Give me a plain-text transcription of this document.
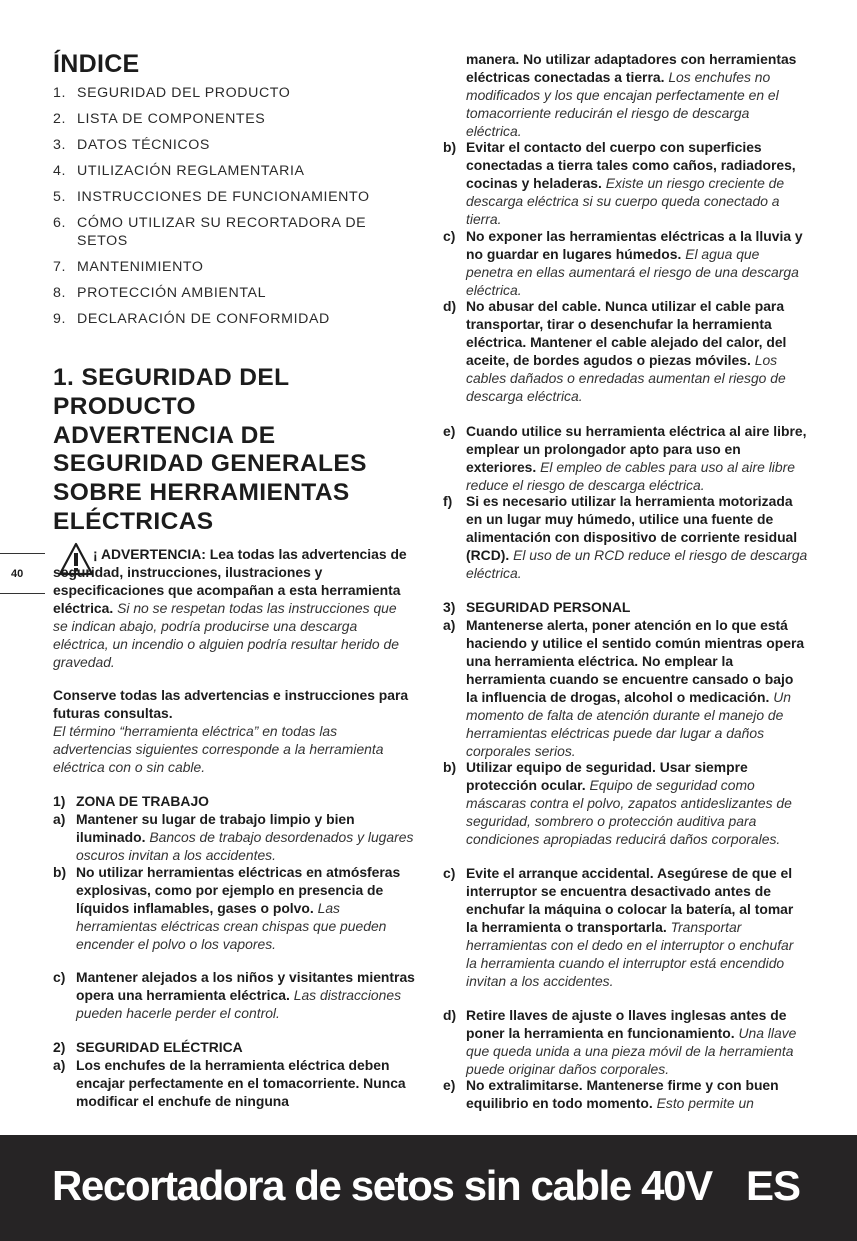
ÍNDICE
1. SEGURIDAD DEL PRODUCTO
2. LISTA DE COMPONENTES
3. DATOS TÉCNICOS
4. UTILIZACIÓN REGLAMENTARIA
5. INSTRUCCIONES DE FUNCIONAMIENTO
6. CÓMO UTILIZAR SU RECORTADORA DE SETOS
7. MANTENIMIENTO
8. PROTECCIÓN AMBIENTAL
9. DECLARACIÓN DE CONFORMIDAD
1. SEGURIDAD DEL
PRODUCTO
ADVERTENCIA DE
SEGURIDAD GENERALES
SOBRE HERRAMIENTAS
ELÉCTRICAS
40
¡ ADVERTENCIA: Lea todas las advertencias de seguridad, instrucciones, ilustraciones y especificaciones que acompañan a esta herramienta eléctrica. Si no se respetan todas las instrucciones que se indican abajo, podría producirse una descarga eléctrica, un incendio o alguien podría resultar herido de gravedad.
Conserve todas las advertencias e instrucciones para futuras consultas.
El término “herramienta eléctrica” en todas las advertencias siguientes corresponde a la herramienta eléctrica con o sin cable.
1) ZONA DE TRABAJO
a) Mantener su lugar de trabajo limpio y bien iluminado. Bancos de trabajo desordenados y lugares oscuros invitan a los accidentes.
b) No utilizar herramientas eléctricas en atmósferas explosivas, como por ejemplo en presencia de líquidos inflamables, gases o polvo. Las herramientas eléctricas crean chispas que pueden encender el polvo o los vapores.
c) Mantener alejados a los niños y visitantes mientras opera una herramienta eléctrica. Las distracciones pueden hacerle perder el control.
2) SEGURIDAD ELÉCTRICA
a) Los enchufes de la herramienta eléctrica deben encajar perfectamente en el tomacorriente. Nunca modificar el enchufe de ninguna
manera. No utilizar adaptadores con herramientas eléctricas conectadas a tierra. Los enchufes no modificados y los que encajan perfectamente en el tomacorriente reducirán el riesgo de descarga eléctrica.
b) Evitar el contacto del cuerpo con superficies conectadas a tierra tales como caños, radiadores, cocinas y heladeras. Existe un riesgo creciente de descarga eléctrica si su cuerpo queda conectado a tierra.
c) No exponer las herramientas eléctricas a la lluvia y no guardar en lugares húmedos. El agua que penetra en ellas aumentará el riesgo de una descarga eléctrica.
d) No abusar del cable. Nunca utilizar el cable para transportar, tirar o desenchufar la herramienta eléctrica. Mantener el cable alejado del calor, del aceite, de bordes agudos o piezas móviles. Los cables dañados o enredadas aumentan el riesgo de descarga eléctrica.
e) Cuando utilice su herramienta eléctrica al aire libre, emplear un prolongador apto para uso en exteriores. El empleo de cables para uso al aire libre reduce el riesgo de descarga eléctrica.
f) Si es necesario utilizar la herramienta motorizada en un lugar muy húmedo, utilice una fuente de alimentación con dispositivo de corriente residual (RCD). El uso de un RCD reduce el riesgo de descarga eléctrica.
3) SEGURIDAD PERSONAL
a) Mantenerse alerta, poner atención en lo que está haciendo y utilice el sentido común mientras opera una herramienta eléctrica. No emplear la herramienta cuando se encuentre cansado o bajo la influencia de drogas, alcohol o medicación. Un momento de falta de atención durante el manejo de herramientas eléctricas puede dar lugar a daños corporales serios.
b) Utilizar equipo de seguridad. Usar siempre protección ocular. Equipo de seguridad como máscaras contra el polvo, zapatos antideslizantes de seguridad, sombrero o protección auditiva para condiciones apropiadas reducirá daños corporales.
c) Evite el arranque accidental. Asegúrese de que el interruptor se encuentra desactivado antes de enchufar la máquina o colocar la batería, al tomar la herramienta o transportarla. Transportar herramientas con el dedo en el interruptor o enchufar la herramienta cuando el interruptor está encendido invitan a los accidentes.
d) Retire llaves de ajuste o llaves inglesas antes de poner la herramienta en funcionamiento. Una llave que queda unida a una pieza móvil de la herramienta puede originar daños corporales.
e) No extralimitarse. Mantenerse firme y con buen equilibrio en todo momento. Esto permite un
Recortadora de setos sin cable 40V ES
